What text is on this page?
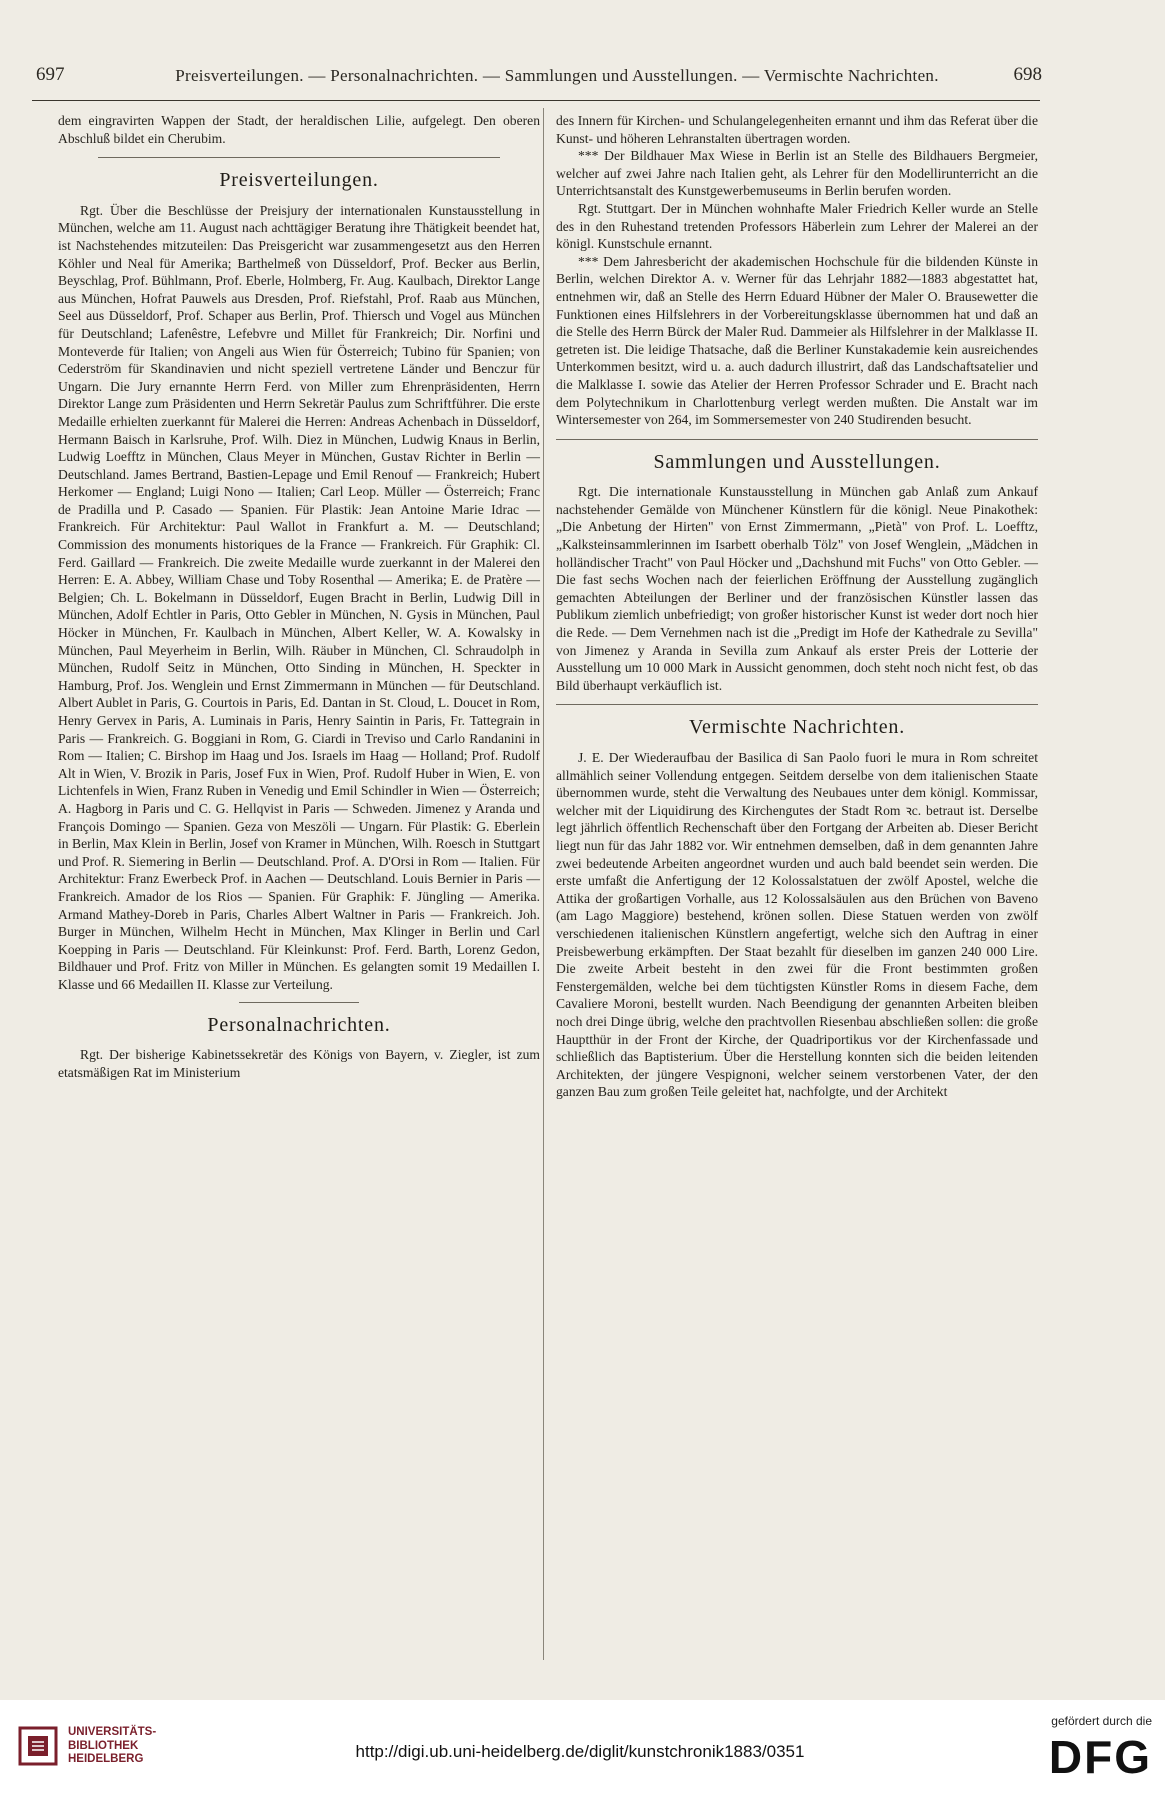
697	Preisverteilungen. — Personalnachrichten. — Sammlungen und Ausstellungen. — Vermischte Nachrichten.	698

dem eingravirten Wappen der Stadt, der heraldischen Lilie, aufgelegt. Den oberen Abschluß bildet ein Cherubim.

Preisverteilungen.

Rgt. Über die Beschlüsse der Preisjury der internationalen Kunstausstellung in München, welche am 11. August nach achttägiger Beratung ihre Thätigkeit beendet hat, ist Nachstehendes mitzuteilen: Das Preisgericht war zusammengesetzt aus den Herren Köhler und Neal für Amerika; Barthelmeß von Düsseldorf, Prof. Becker aus Berlin, Beyschlag, Prof. Bühlmann, Prof. Eberle, Holmberg, Fr. Aug. Kaulbach, Direktor Lange aus München, Hofrat Pauwels aus Dresden, Prof. Riefstahl, Prof. Raab aus München, Seel aus Düsseldorf, Prof. Schaper aus Berlin, Prof. Thiersch und Vogel aus München für Deutschland; Lafenêstre, Lefebvre und Millet für Frankreich; Dir. Norfini und Monteverde für Italien; von Angeli aus Wien für Österreich; Tubino für Spanien; von Cederström für Skandinavien und nicht speziell vertretene Länder und Benczur für Ungarn. Die Jury ernannte Herrn Ferd. von Miller zum Ehrenpräsidenten, Herrn Direktor Lange zum Präsidenten und Herrn Sekretär Paulus zum Schriftführer. Die erste Medaille erhielten zuerkannt für Malerei die Herren: Andreas Achenbach in Düsseldorf, Hermann Baisch in Karlsruhe, Prof. Wilh. Diez in München, Ludwig Knaus in Berlin, Ludwig Loefftz in München, Claus Meyer in München, Gustav Richter in Berlin — Deutschland. James Bertrand, Bastien-Lepage und Emil Renouf — Frankreich; Hubert Herkomer — England; Luigi Nono — Italien; Carl Leop. Müller — Österreich; Franc de Pradilla und P. Casado — Spanien. Für Plastik: Jean Antoine Marie Idrac — Frankreich. Für Architektur: Paul Wallot in Frankfurt a. M. — Deutschland; Commission des monuments historiques de la France — Frankreich. Für Graphik: Cl. Ferd. Gaillard — Frankreich. Die zweite Medaille wurde zuerkannt in der Malerei den Herren: E. A. Abbey, William Chase und Toby Rosenthal — Amerika; E. de Pratère — Belgien; Ch. L. Bokelmann in Düsseldorf, Eugen Bracht in Berlin, Ludwig Dill in München, Adolf Echtler in Paris, Otto Gebler in München, N. Gysis in München, Paul Höcker in München, Fr. Kaulbach in München, Albert Keller, W. A. Kowalsky in München, Paul Meyerheim in Berlin, Wilh. Räuber in München, Cl. Schraudolph in München, Rudolf Seitz in München, Otto Sinding in München, H. Speckter in Hamburg, Prof. Jos. Wenglein und Ernst Zimmermann in München — für Deutschland. Albert Aublet in Paris, G. Courtois in Paris, Ed. Dantan in St. Cloud, L. Doucet in Rom, Henry Gervex in Paris, A. Luminais in Paris, Henry Saintin in Paris, Fr. Tattegrain in Paris — Frankreich. G. Boggiani in Rom, G. Ciardi in Treviso und Carlo Randanini in Rom — Italien; C. Birshop im Haag und Jos. Israels im Haag — Holland; Prof. Rudolf Alt in Wien, V. Brozik in Paris, Josef Fux in Wien, Prof. Rudolf Huber in Wien, E. von Lichtenfels in Wien, Franz Ruben in Venedig und Emil Schindler in Wien — Österreich; A. Hagborg in Paris und C. G. Hellqvist in Paris — Schweden. Jimenez y Aranda und François Domingo — Spanien. Geza von Meszöli — Ungarn. Für Plastik: G. Eberlein in Berlin, Max Klein in Berlin, Josef von Kramer in München, Wilh. Roesch in Stuttgart und Prof. R. Siemering in Berlin — Deutschland. Prof. A. D'Orsi in Rom — Italien. Für Architektur: Franz Ewerbeck Prof. in Aachen — Deutschland. Louis Bernier in Paris — Frankreich. Amador de los Rios — Spanien. Für Graphik: F. Jüngling — Amerika. Armand Mathey-Doreb in Paris, Charles Albert Waltner in Paris — Frankreich. Joh. Burger in München, Wilhelm Hecht in München, Max Klinger in Berlin und Carl Koepping in Paris — Deutschland. Für Kleinkunst: Prof. Ferd. Barth, Lorenz Gedon, Bildhauer und Prof. Fritz von Miller in München. Es gelangten somit 19 Medaillen I. Klasse und 66 Medaillen II. Klasse zur Verteilung.

Personalnachrichten.

Rgt. Der bisherige Kabinetssekretär des Königs von Bayern, v. Ziegler, ist zum etatsmäßigen Rat im Ministerium

des Innern für Kirchen- und Schulangelegenheiten ernannt und ihm das Referat über die Kunst- und höheren Lehranstalten übertragen worden.

*** Der Bildhauer Max Wiese in Berlin ist an Stelle des Bildhauers Bergmeier, welcher auf zwei Jahre nach Italien geht, als Lehrer für den Modellirunterricht an die Unterrichtsanstalt des Kunstgewerbemuseums in Berlin berufen worden.

Rgt. Stuttgart. Der in München wohnhafte Maler Friedrich Keller wurde an Stelle des in den Ruhestand tretenden Professors Häberlein zum Lehrer der Malerei an der königl. Kunstschule ernannt.

*** Dem Jahresbericht der akademischen Hochschule für die bildenden Künste in Berlin, welchen Direktor A. v. Werner für das Lehrjahr 1882—1883 abgestattet hat, entnehmen wir, daß an Stelle des Herrn Eduard Hübner der Maler O. Brausewetter die Funktionen eines Hilfslehrers in der Vorbereitungsklasse übernommen hat und daß an die Stelle des Herrn Bürck der Maler Rud. Dammeier als Hilfslehrer in der Malklasse II. getreten ist. Die leidige Thatsache, daß die Berliner Kunstakademie kein ausreichendes Unterkommen besitzt, wird u. a. auch dadurch illustrirt, daß das Landschaftsatelier und die Malklasse I. sowie das Atelier der Herren Professor Schrader und E. Bracht nach dem Polytechnikum in Charlottenburg verlegt werden mußten. Die Anstalt war im Wintersemester von 264, im Sommersemester von 240 Studirenden besucht.

Sammlungen und Ausstellungen.

Rgt. Die internationale Kunstausstellung in München gab Anlaß zum Ankauf nachstehender Gemälde von Münchener Künstlern für die königl. Neue Pinakothek: „Die Anbetung der Hirten" von Ernst Zimmermann, „Pietà" von Prof. L. Loefftz, „Kalksteinsammlerinnen im Isarbett oberhalb Tölz" von Josef Wenglein, „Mädchen in holländischer Tracht" von Paul Höcker und „Dachshund mit Fuchs" von Otto Gebler. — Die fast sechs Wochen nach der feierlichen Eröffnung der Ausstellung zugänglich gemachten Abteilungen der Berliner und der französischen Künstler lassen das Publikum ziemlich unbefriedigt; von großer historischer Kunst ist weder dort noch hier die Rede. — Dem Vernehmen nach ist die „Predigt im Hofe der Kathedrale zu Sevilla" von Jimenez y Aranda in Sevilla zum Ankauf als erster Preis der Lotterie der Ausstellung um 10 000 Mark in Aussicht genommen, doch steht noch nicht fest, ob das Bild überhaupt verkäuflich ist.

Vermischte Nachrichten.

J. E. Der Wiederaufbau der Basilica di San Paolo fuori le mura in Rom schreitet allmählich seiner Vollendung entgegen. Seitdem derselbe von dem italienischen Staate übernommen wurde, steht die Verwaltung des Neubaues unter dem königl. Kommissar, welcher mit der Liquidirung des Kirchengutes der Stadt Rom ꝛc. betraut ist. Derselbe legt jährlich öffentlich Rechenschaft über den Fortgang der Arbeiten ab. Dieser Bericht liegt nun für das Jahr 1882 vor. Wir entnehmen demselben, daß in dem genannten Jahre zwei bedeutende Arbeiten angeordnet wurden und auch bald beendet sein werden. Die erste umfaßt die Anfertigung der 12 Kolossalstatuen der zwölf Apostel, welche die Attika der großartigen Vorhalle, aus 12 Kolossalsäulen aus den Brüchen von Baveno (am Lago Maggiore) bestehend, krönen sollen. Diese Statuen werden von zwölf verschiedenen italienischen Künstlern angefertigt, welche sich den Auftrag in einer Preisbewerbung erkämpften. Der Staat bezahlt für dieselben im ganzen 240 000 Lire. Die zweite Arbeit besteht in den zwei für die Front bestimmten großen Fenstergemälden, welche bei dem tüchtigsten Künstler Roms in diesem Fache, dem Cavaliere Moroni, bestellt wurden. Nach Beendigung der genannten Arbeiten bleiben noch drei Dinge übrig, welche den prachtvollen Riesenbau abschließen sollen: die große Hauptthür in der Front der Kirche, der Quadriportikus vor der Kirchenfassade und schließlich das Baptisterium. Über die Herstellung konnten sich die beiden leitenden Architekten, der jüngere Vespignoni, welcher seinem verstorbenen Vater, der den ganzen Bau zum großen Teile geleitet hat, nachfolgte, und der Architekt

UNIVERSITÄTS-
BIBLIOTHEK
HEIDELBERG	http://digi.ub.uni-heidelberg.de/diglit/kunstchronik1883/0351
gefördert durch die
DFG
